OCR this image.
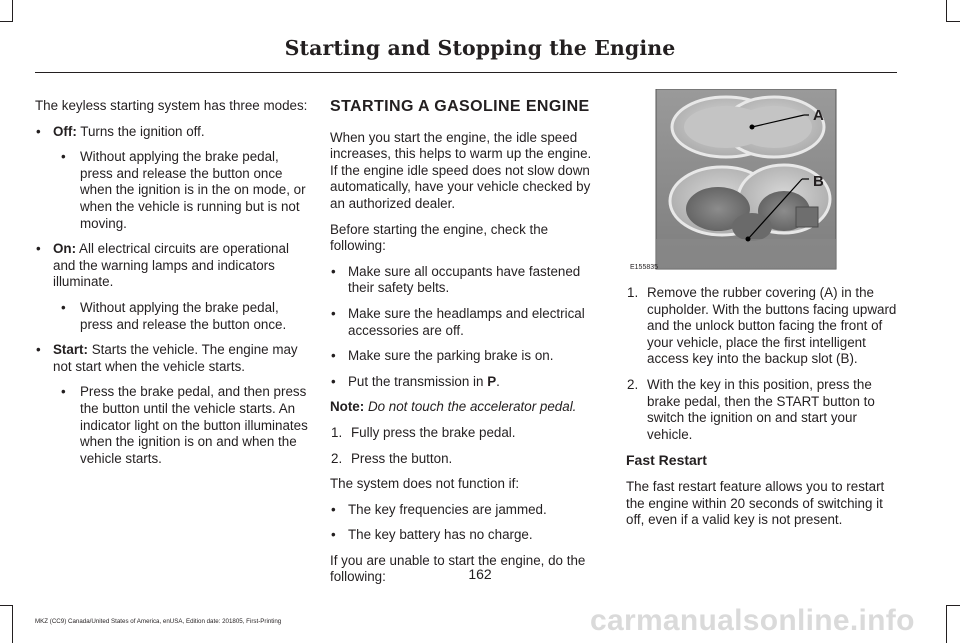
Starting and Stopping the Engine

The keyless starting system has three modes:

• Off: Turns the ignition off.
• Without applying the brake pedal, press and release the button once when the ignition is in the on mode, or when the vehicle is running but is not moving.
• On: All electrical circuits are operational and the warning lamps and indicators illuminate.
• Without applying the brake pedal, press and release the button once.
• Start: Starts the vehicle. The engine may not start when the vehicle starts.
• Press the brake pedal, and then press the button until the vehicle starts. An indicator light on the button illuminates when the ignition is on and when the vehicle starts.
STARTING A GASOLINE ENGINE

When you start the engine, the idle speed increases, this helps to warm up the engine. If the engine idle speed does not slow down automatically, have your vehicle checked by an authorized dealer.

Before starting the engine, check the following:

• Make sure all occupants have fastened their safety belts.
• Make sure the headlamps and electrical accessories are off.
• Make sure the parking brake is on.
• Put the transmission in P.

Note: Do not touch the accelerator pedal.

1. Fully press the brake pedal.
2. Press the button.

The system does not function if:

• The key frequencies are jammed.
• The key battery has no charge.

If you are unable to start the engine, do the following:

A
B
E155835
1. Remove the rubber covering (A) in the cupholder. With the buttons facing upward and the unlock button facing the front of your vehicle, place the first intelligent access key into the backup slot (B).
2. With the key in this position, press the brake pedal, then the START button to switch the ignition on and start your vehicle.
Fast Restart

The fast restart feature allows you to restart the engine within 20 seconds of switching it off, even if a valid key is not present.

162
MKZ (CC9) Canada/United States of America, enUSA, Edition date: 201805, First-Printing	carmanualsonline.info
